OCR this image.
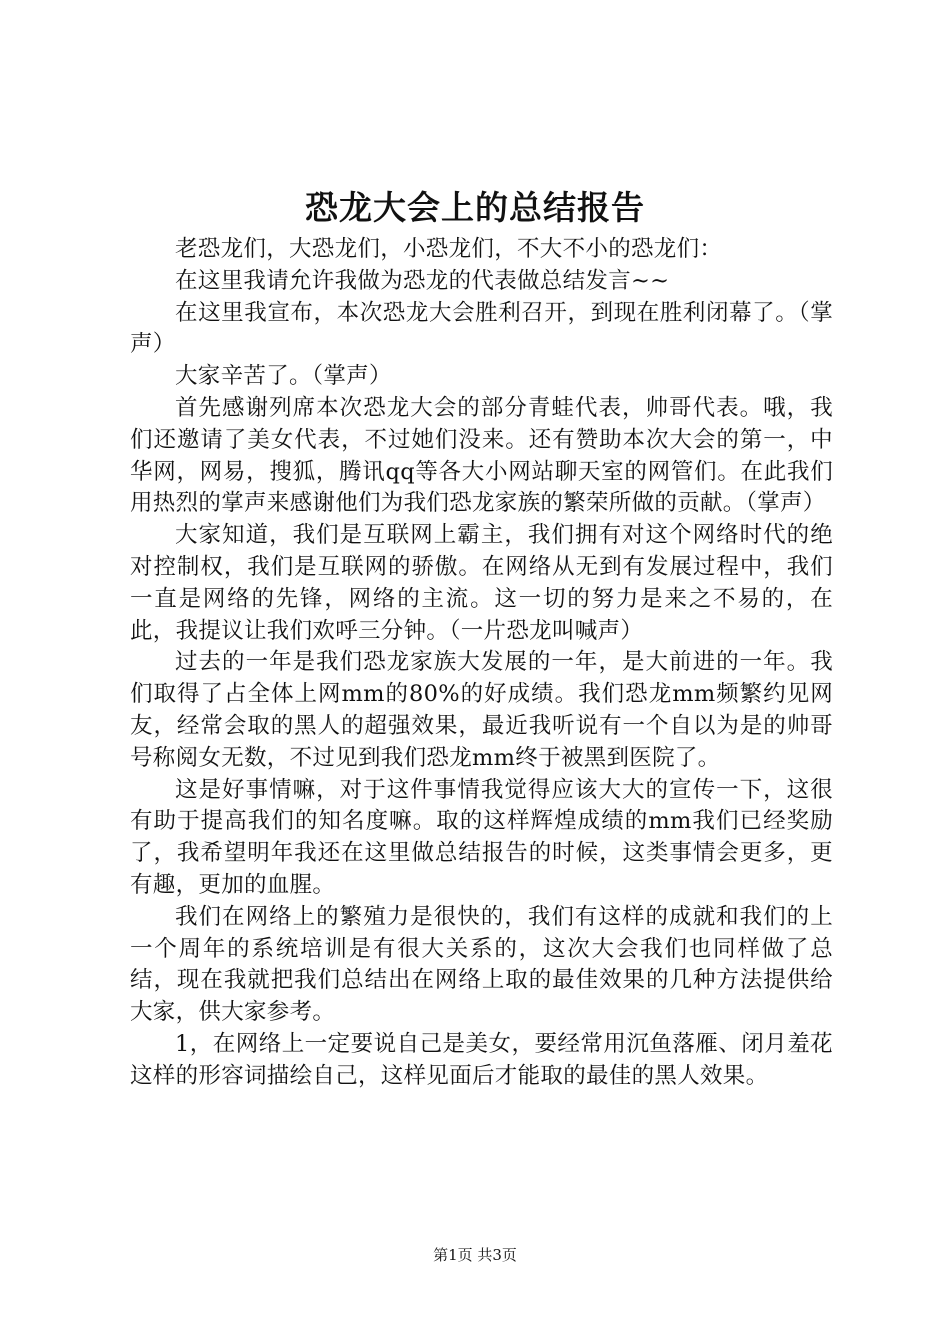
恐龙大会上的总结报告

老恐龙们，大恐龙们，小恐龙们，不大不小的恐龙们：

在这里我请允许我做为恐龙的代表做总结发言~~

在这里我宣布，本次恐龙大会胜利召开，到现在胜利闭幕了。（掌声）

大家辛苦了。（掌声）

首先感谢列席本次恐龙大会的部分青蛙代表，帅哥代表。哦，我们还邀请了美女代表，不过她们没来。还有赞助本次大会的第一，中华网，网易，搜狐，腾讯qq等各大小网站聊天室的网管们。在此我们用热烈的掌声来感谢他们为我们恐龙家族的繁荣所做的贡献。（掌声）

大家知道，我们是互联网上霸主，我们拥有对这个网络时代的绝对控制权，我们是互联网的骄傲。在网络从无到有发展过程中，我们一直是网络的先锋，网络的主流。这一切的努力是来之不易的，在此，我提议让我们欢呼三分钟。（一片恐龙叫喊声）

过去的一年是我们恐龙家族大发展的一年，是大前进的一年。我们取得了占全体上网mm的80%的好成绩。我们恐龙mm频繁约见网友，经常会取的黑人的超强效果，最近我听说有一个自以为是的帅哥号称阅女无数，不过见到我们恐龙mm终于被黑到医院了。

这是好事情嘛，对于这件事情我觉得应该大大的宣传一下，这很有助于提高我们的知名度嘛。取的这样辉煌成绩的mm我们已经奖励了，我希望明年我还在这里做总结报告的时候，这类事情会更多，更有趣，更加的血腥。

我们在网络上的繁殖力是很快的，我们有这样的成就和我们的上一个周年的系统培训是有很大关系的，这次大会我们也同样做了总结，现在我就把我们总结出在网络上取的最佳效果的几种方法提供给大家，供大家参考。

1，在网络上一定要说自己是美女，要经常用沉鱼落雁、闭月羞花这样的形容词描绘自己，这样见面后才能取的最佳的黑人效果。

第1页 共3页
